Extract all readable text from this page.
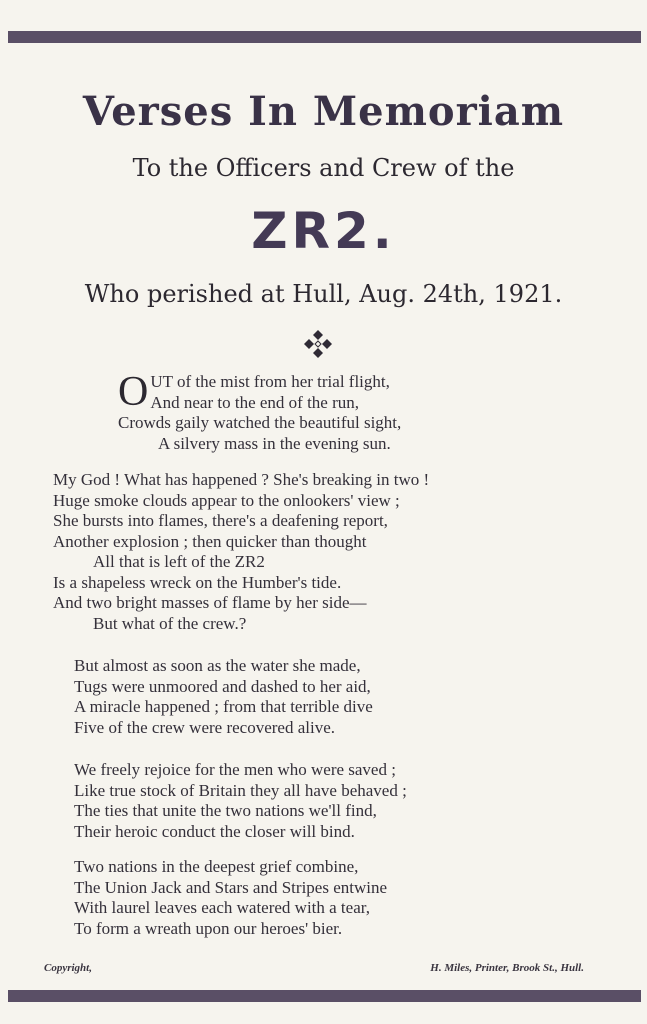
Verses In Memoriam
To the Officers and Crew of the
ZR2.
Who perished at Hull, Aug. 24th, 1921.
O UT of the mist from her trial flight,
And near to the end of the run,
Crowds gaily watched the beautiful sight,
A silvery mass in the evening sun.
My God ! What has happened ? She's breaking in two !
Huge smoke clouds appear to the onlookers' view ;
She bursts into flames, there's a deafening report,
Another explosion ; then quicker than thought
All that is left of the ZR2
Is a shapeless wreck on the Humber's tide.
And two bright masses of flame by her side—
But what of the crew.?
But almost as soon as the water she made,
Tugs were unmoored and dashed to her aid,
A miracle happened ; from that terrible dive
Five of the crew were recovered alive.
We freely rejoice for the men who were saved ;
Like true stock of Britain they all have behaved ;
The ties that unite the two nations we'll find,
Their heroic conduct the closer will bind.
Two nations in the deepest grief combine,
The Union Jack and Stars and Stripes entwine
With laurel leaves each watered with a tear,
To form a wreath upon our heroes' bier.
Copyright,	H. Miles, Printer, Brook St., Hull.
